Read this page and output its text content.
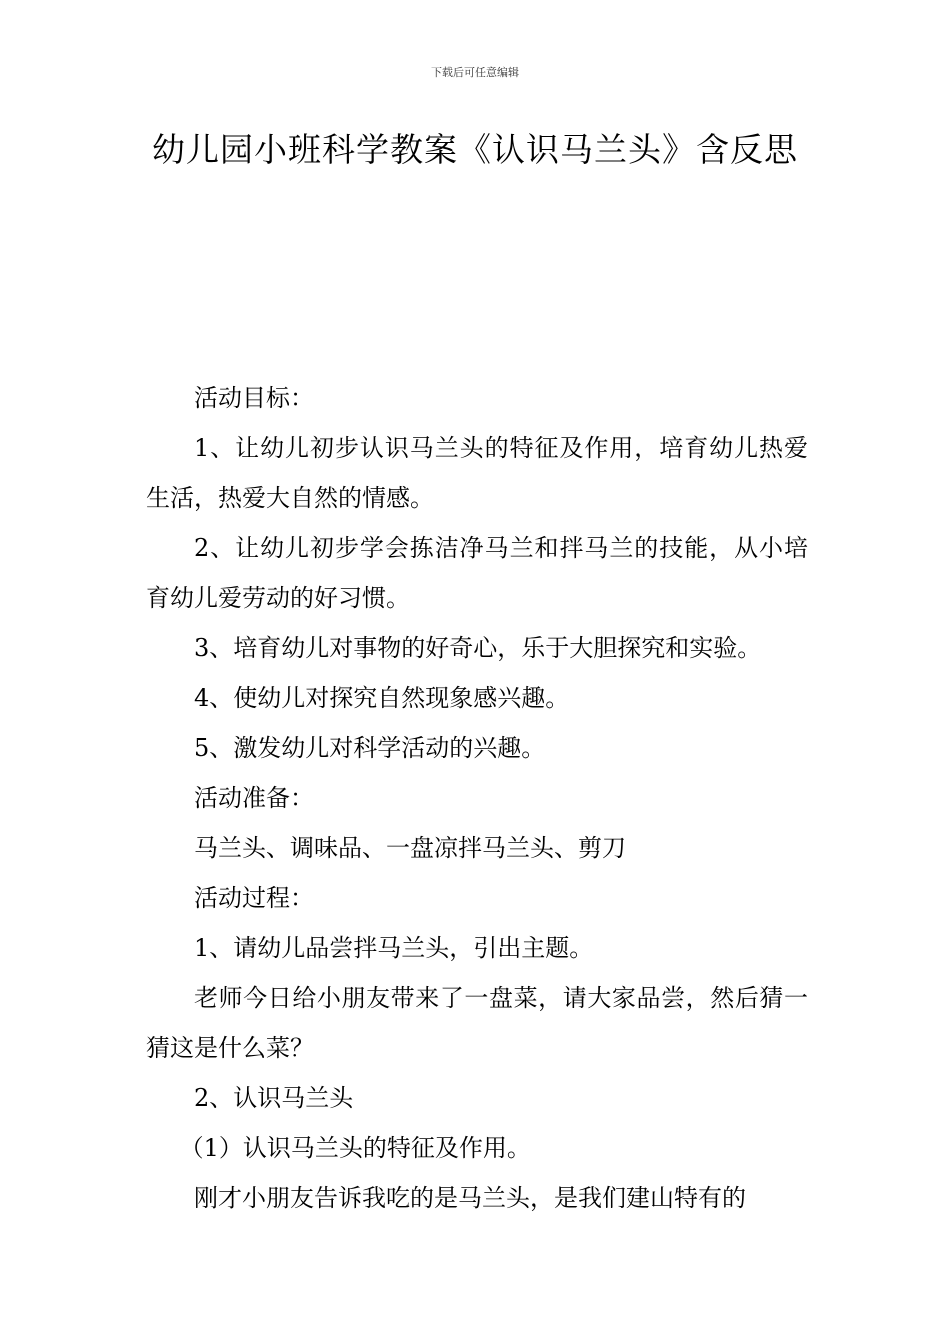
下载后可任意编辑
幼儿园小班科学教案《认识马兰头》含反思

活动目标：

1、让幼儿初步认识马兰头的特征及作用，培育幼儿热爱生活，热爱大自然的情感。

2、让幼儿初步学会拣洁净马兰和拌马兰的技能，从小培育幼儿爱劳动的好习惯。

3、培育幼儿对事物的好奇心，乐于大胆探究和实验。

4、使幼儿对探究自然现象感兴趣。

5、激发幼儿对科学活动的兴趣。

活动准备：

马兰头、调味品、一盘凉拌马兰头、剪刀

活动过程：

1、请幼儿品尝拌马兰头，引出主题。

老师今日给小朋友带来了一盘菜，请大家品尝，然后猜一猜这是什么菜？

2、认识马兰头

（1）认识马兰头的特征及作用。

刚才小朋友告诉我吃的是马兰头，是我们建山特有的
